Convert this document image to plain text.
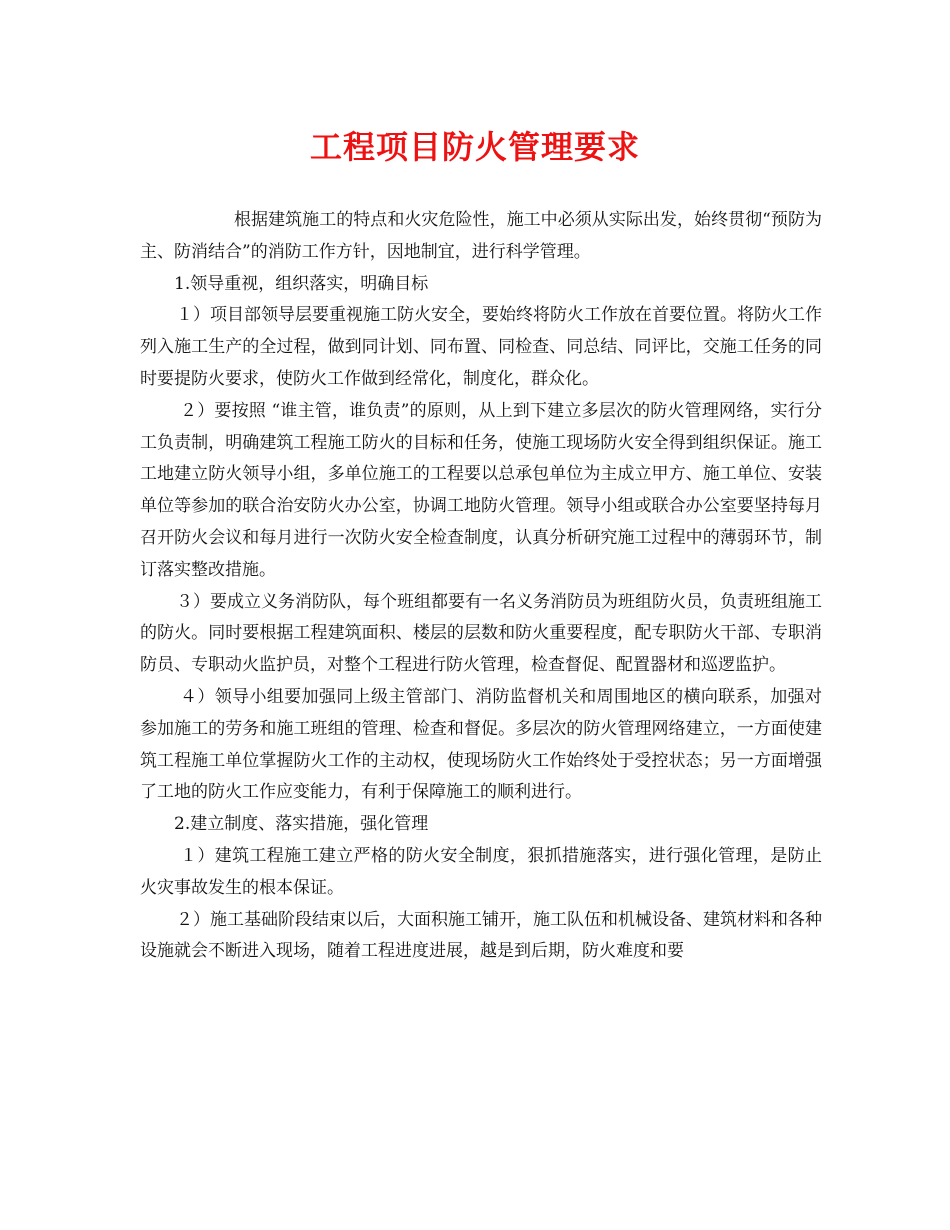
工程项目防火管理要求

根据建筑施工的特点和火灾危险性，施工中必须从实际出发，始终贯彻“预防为主、防消结合”的消防工作方针，因地制宜，进行科学管理。

1.领导重视，组织落实，明确目标

１）项目部领导层要重视施工防火安全，要始终将防火工作放在首要位置。将防火工作列入施工生产的全过程，做到同计划、同布置、同检查、同总结、同评比，交施工任务的同时要提防火要求，使防火工作做到经常化，制度化，群众化。

２）要按照 “谁主管，谁负责”的原则，从上到下建立多层次的防火管理网络，实行分工负责制，明确建筑工程施工防火的目标和任务，使施工现场防火安全得到组织保证。施工工地建立防火领导小组，多单位施工的工程要以总承包单位为主成立甲方、施工单位、安装单位等参加的联合治安防火办公室，协调工地防火管理。领导小组或联合办公室要坚持每月召开防火会议和每月进行一次防火安全检查制度，认真分析研究施工过程中的薄弱环节，制订落实整改措施。

３）要成立义务消防队，每个班组都要有一名义务消防员为班组防火员，负责班组施工的防火。同时要根据工程建筑面积、楼层的层数和防火重要程度，配专职防火干部、专职消防员、专职动火监护员，对整个工程进行防火管理，检查督促、配置器材和巡逻监护。

４）领导小组要加强同上级主管部门、消防监督机关和周围地区的横向联系，加强对参加施工的劳务和施工班组的管理、检查和督促。多层次的防火管理网络建立，一方面使建筑工程施工单位掌握防火工作的主动权，使现场防火工作始终处于受控状态；另一方面增强了工地的防火工作应变能力，有利于保障施工的顺利进行。

2.建立制度、落实措施，强化管理

１）建筑工程施工建立严格的防火安全制度，狠抓措施落实，进行强化管理，是防止火灾事故发生的根本保证。

２）施工基础阶段结束以后，大面积施工铺开，施工队伍和机械设备、建筑材料和各种设施就会不断进入现场，随着工程进度进展，越是到后期，防火难度和要
